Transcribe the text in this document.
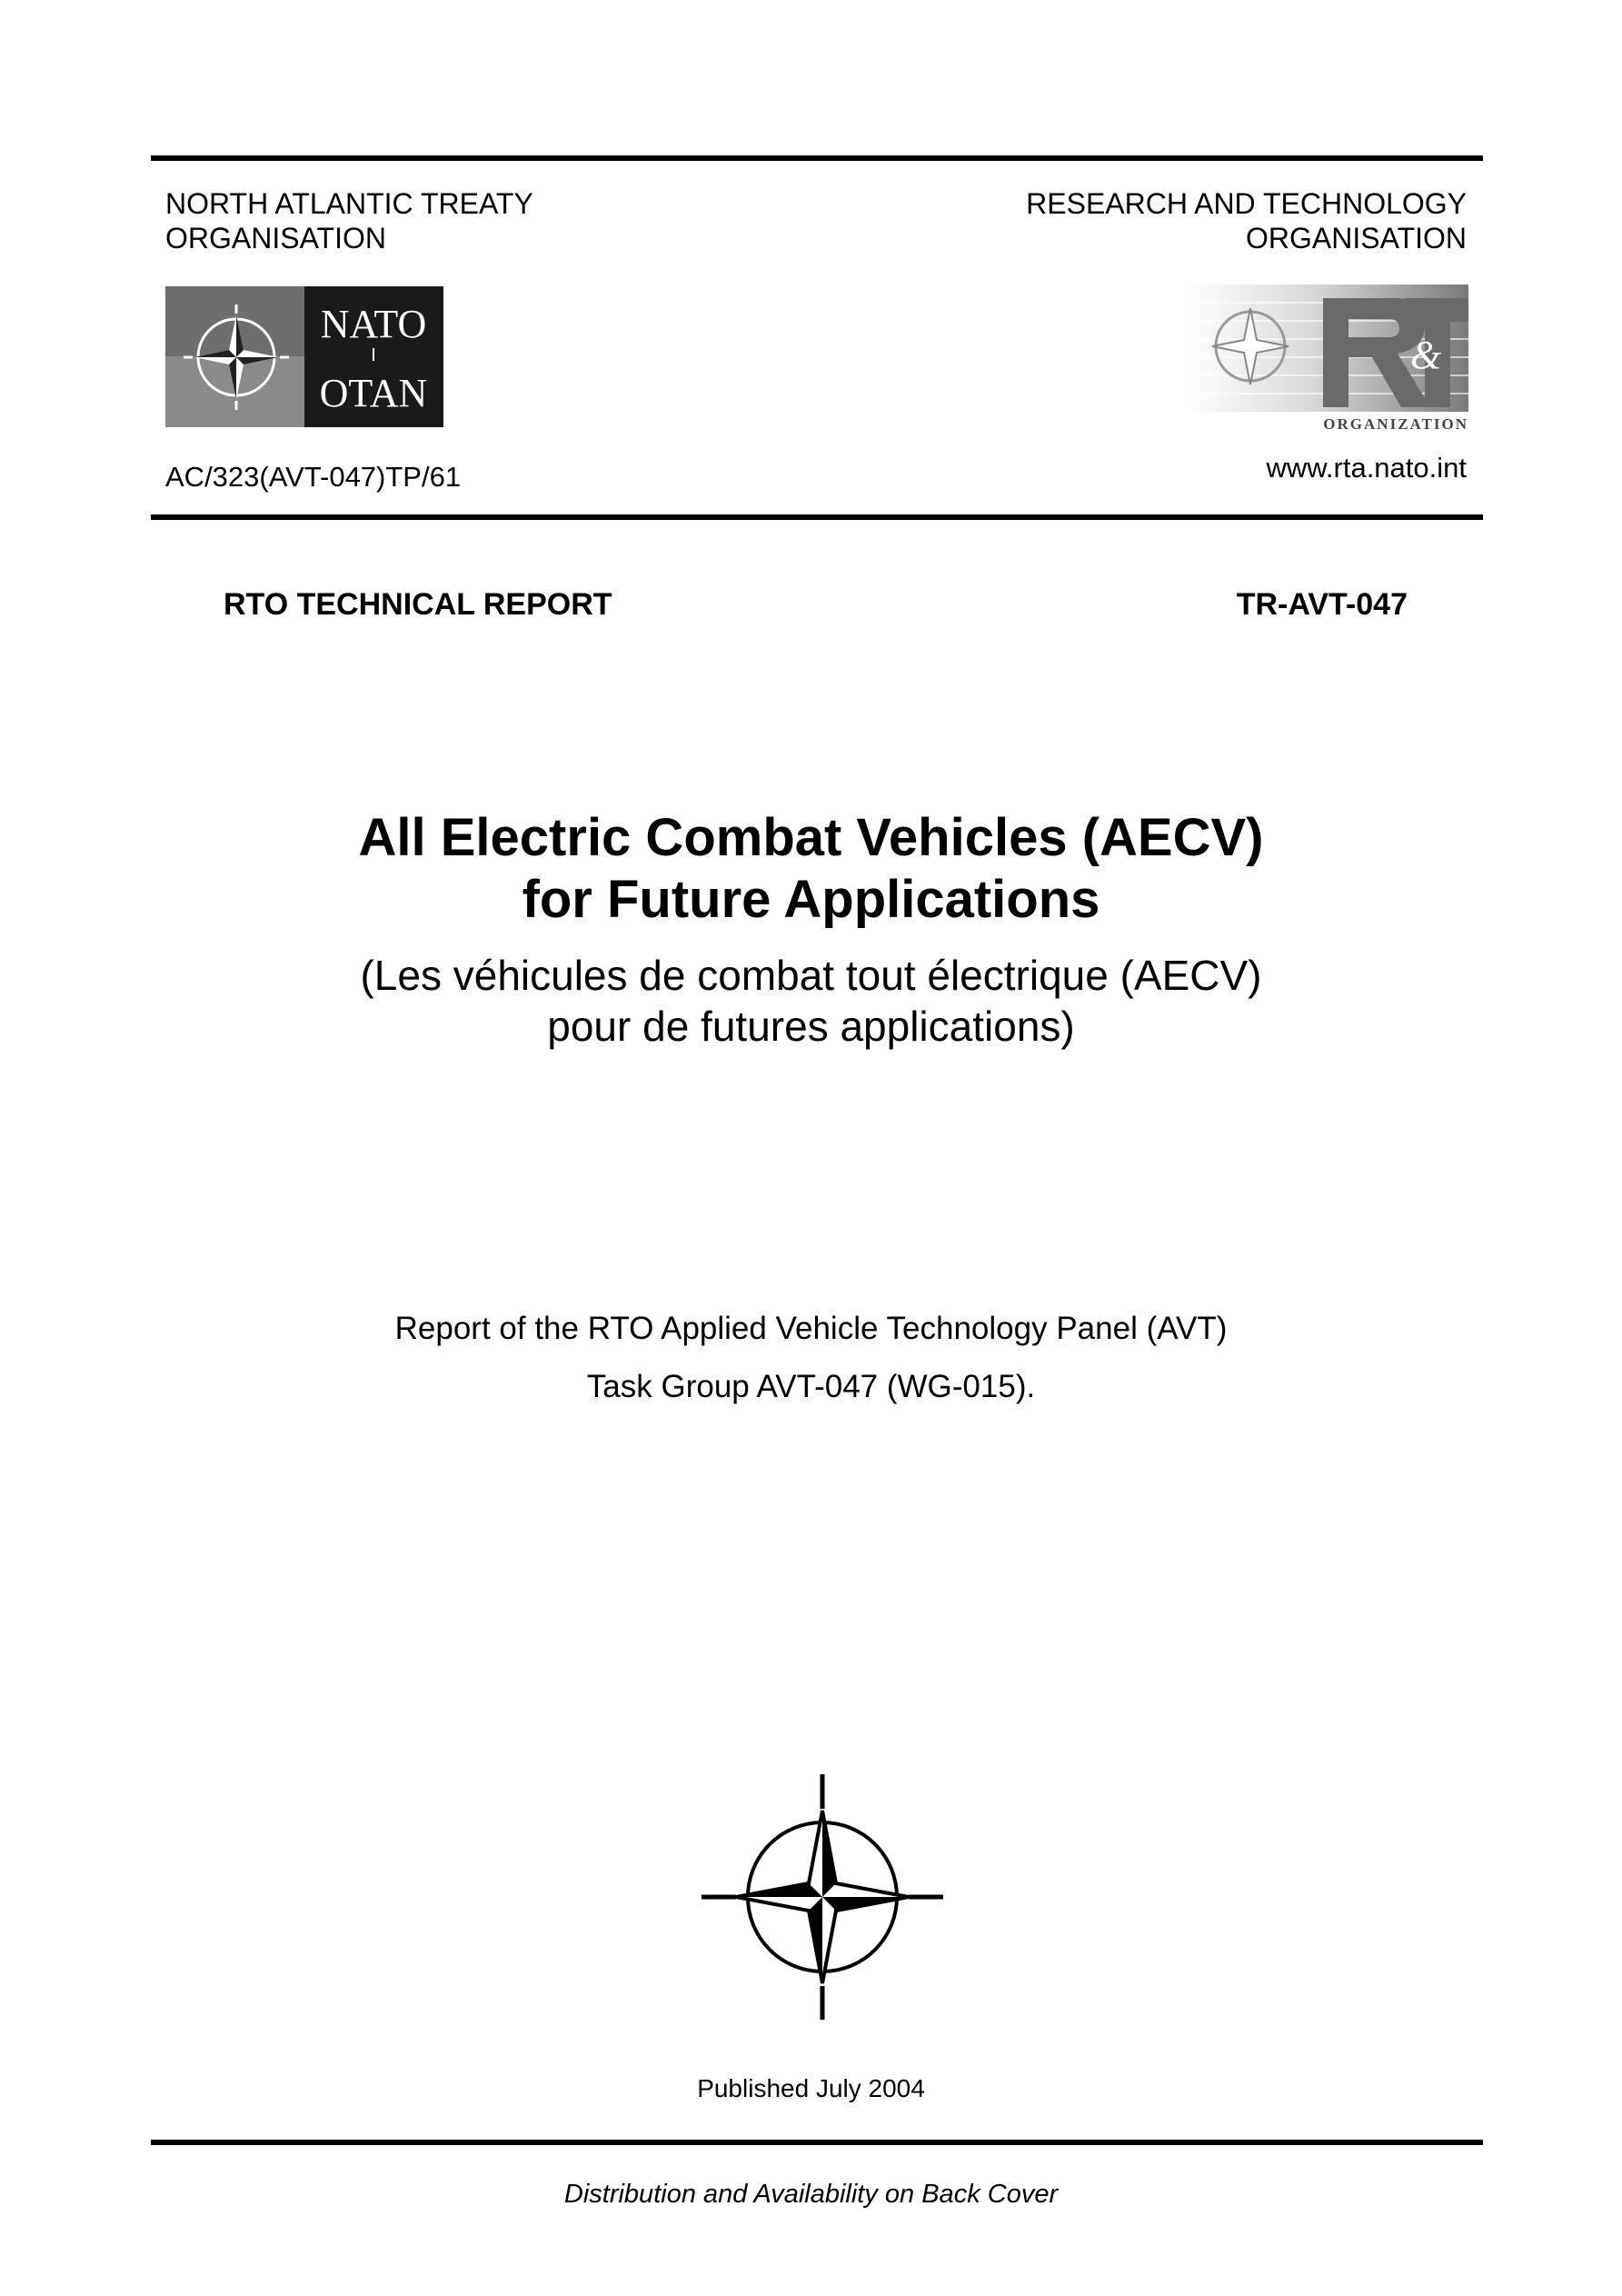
NORTH ATLANTIC TREATY
ORGANISATION
RESEARCH AND TECHNOLOGY
ORGANISATION
NATO
OTAN
&
ORGANIZATION
AC/323(AVT-047)TP/61	www.rta.nato.int
RTO TECHNICAL REPORT	TR-AVT-047
All Electric Combat Vehicles (AECV)
for Future Applications
(Les véhicules de combat tout électrique (AECV)
pour de futures applications)
Report of the RTO Applied Vehicle Technology Panel (AVT)
Task Group AVT-047 (WG-015).
Published July 2004
Distribution and Availability on Back Cover
